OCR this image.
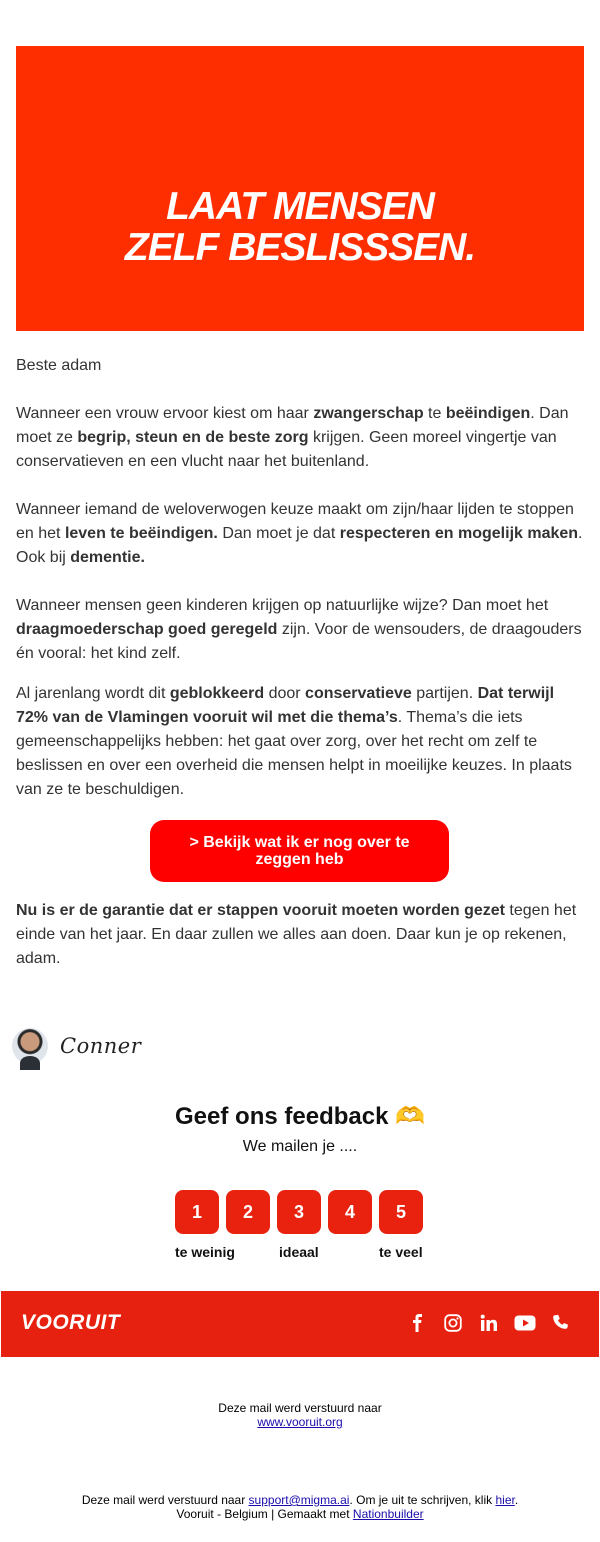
LAAT MENSEN
ZELF BESLISSSEN.
VOORUIT

Beste adam

Wanneer een vrouw ervoor kiest om haar zwangerschap te beëindigen. Dan moet ze begrip, steun en de beste zorg krijgen. Geen moreel vingertje van conservatieven en een vlucht naar het buitenland.

Wanneer iemand de weloverwogen keuze maakt om zijn/haar lijden te stoppen en het leven te beëindigen. Dan moet je dat respecteren en mogelijk maken. Ook bij dementie.

Wanneer mensen geen kinderen krijgen op natuurlijke wijze? Dan moet het draagmoederschap goed geregeld zijn. Voor de wensouders, de draagouders én vooral: het kind zelf.

Al jarenlang wordt dit geblokkeerd door conservatieve partijen. Dat terwijl 72% van de Vlamingen vooruit wil met die thema’s. Thema’s die iets gemeenschappelijks hebben: het gaat over zorg, over het recht om zelf te beslissen en over een overheid die mensen helpt in moeilijke keuzes. In plaats van ze te beschuldigen.

> Bekijk wat ik er nog over te zeggen heb

Nu is er de garantie dat er stappen vooruit moeten worden gezet tegen het einde van het jaar. En daar zullen we alles aan doen. Daar kun je op rekenen, adam.

Conner
Geef ons feedback 🫶
We mailen je ....
1	2	3	4	5
te weinig	ideaal	te veel
VOORUIT
Deze mail werd verstuurd naar
www.vooruit.org
Deze mail werd verstuurd naar support@migma.ai. Om je uit te schrijven, klik hier.
Vooruit - Belgium | Gemaakt met Nationbuilder
